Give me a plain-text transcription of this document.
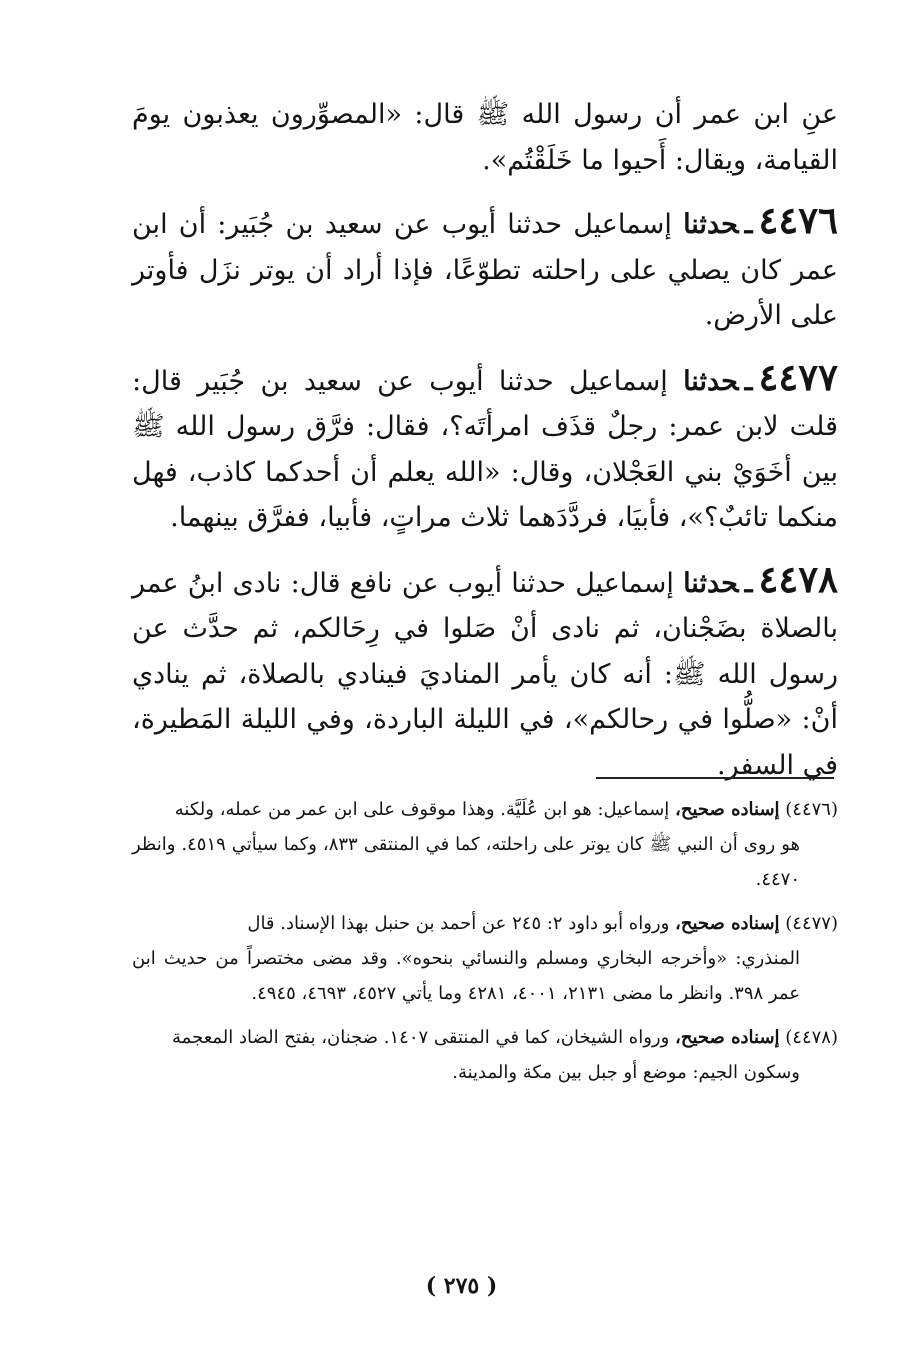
عنِ ابن عمر أن رسول الله ﷺ قال: «المصوِّرون يعذبون يومَ القيامة، ويقال: أَحيوا ما خَلَقْتُم».

٤٤٧٦ـحدثنا إسماعيل حدثنا أيوب عن سعيد بن جُبَير: أن ابن عمر كان يصلي على راحلته تطوّعًا، فإذا أراد أن يوتر نزَل فأوتر على الأرض.

٤٤٧٧ـحدثنا إسماعيل حدثنا أيوب عن سعيد بن جُبَير قال: قلت لابن عمر: رجلٌ قذَف امرأتَه؟، فقال: فرَّق رسول الله ﷺ بين أخَوَيْ بني العَجْلان، وقال: «الله يعلم أن أحدكما كاذب، فهل منكما تائبٌ؟»، فأبيَا، فردَّدَهما ثلاث مراتٍ، فأبيا، ففرَّق بينهما.

٤٤٧٨ـحدثنا إسماعيل حدثنا أيوب عن نافع قال: نادى ابنُ عمر بالصلاة بضَجْنان، ثم نادى أنْ صَلوا في رِحَالكم، ثم حدَّث عن رسول الله ﷺ: أنه كان يأمر المناديَ فينادي بالصلاة، ثم ينادي أنْ: «صلُّوا في رحالكم»، في الليلة الباردة، وفي الليلة المَطيرة، في السفر.

(٤٤٧٦) إسناده صحيح، إسماعيل: هو ابن عُلَيَّة. وهذا موقوف على ابن عمر من عمله، ولكنه
هو روى أن النبي ﷺ كان يوتر على راحلته، كما في المنتقى ٨٣٣، وكما سيأتي ٤٥١٩. وانظر ٤٤٧٠.

(٤٤٧٧) إسناده صحيح، ورواه أبو داود ٢: ٢٤٥ عن أحمد بن حنبل بهذا الإسناد. قال
المنذري: «وأخرجه البخاري ومسلم والنسائي بنحوه». وقد مضى مختصراً من حديث ابن عمر ٣٩٨. وانظر ما مضى ٢١٣١، ٤٠٠١، ٤٢٨١ وما يأتي ٤٥٢٧، ٤٦٩٣، ٤٩٤٥.

(٤٤٧٨) إسناده صحيح، ورواه الشيخان، كما في المنتقى ١٤٠٧. ضجنان، بفتح الضاد المعجمة
وسكون الجيم: موضع أو جبل بين مكة والمدينة.

( ٢٧٥ )
